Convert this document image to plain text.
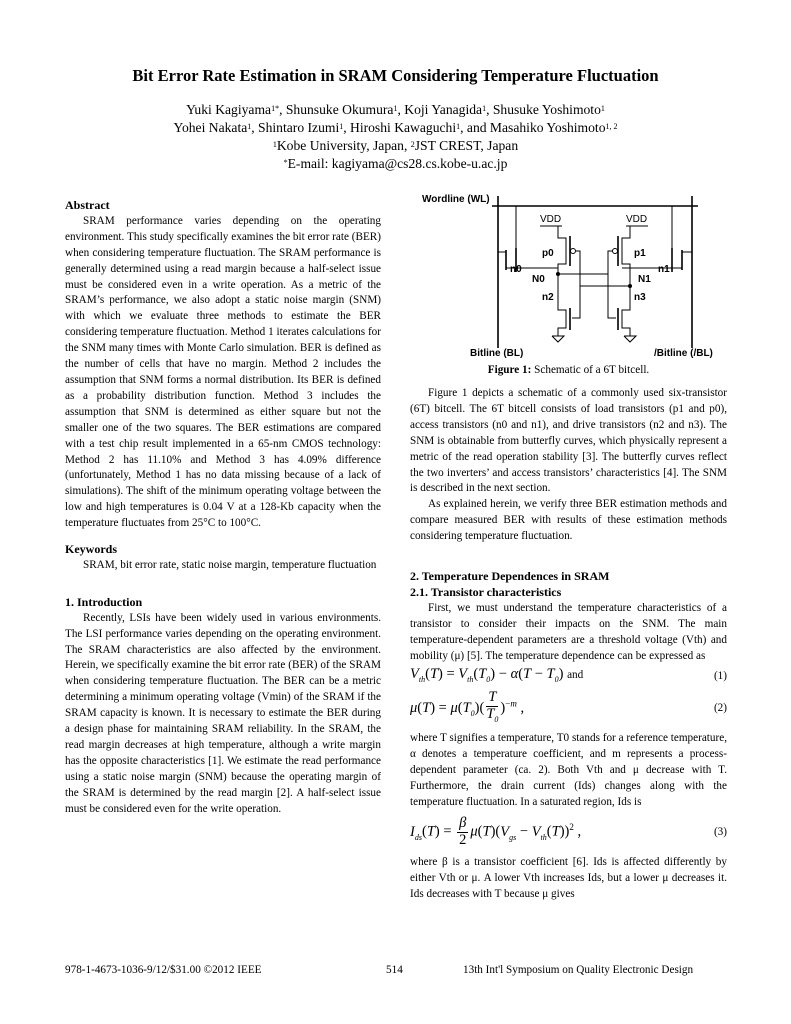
Bit Error Rate Estimation in SRAM Considering Temperature Fluctuation
Yuki Kagiyama$^{1*}$, Shunsuke Okumura$^1$, Koji Yanagida$^1$, Shusuke Yoshimoto$^1$
Yohei Nakata$^1$, Shintaro Izumi$^1$, Hiroshi Kawaguchi$^1$, and Masahiko Yoshimoto$^{1, 2}$
$^1$Kobe University, Japan, $^2$JST CREST, Japan
*E-mail: kagiyama@cs28.cs.kobe-u.ac.jp

Abstract

SRAM performance varies depending on the operating environment. This study specifically examines the bit error rate (BER) when considering temperature fluctuation. The SRAM performance is generally determined using a read margin because a half-select issue must be considered even in a write operation. As a metric of the SRAM’s performance, we also adopt a static noise margin (SNM) with which we evaluate three methods to estimate the BER considering temperature fluctuation. Method 1 iterates calculations for the SNM many times with Monte Carlo simulation. BER is defined as the number of cells that have no margin. Method 2 includes the assumption that SNM forms a normal distribution. Its BER is defined as a probability distribution function. Method 3 includes the assumption that SNM is determined as either square but not the smaller one of the two squares. The BER estimations are compared with a test chip result implemented in a 65-nm CMOS technology: Method 2 has 11.10% and Method 3 has 4.09% difference (unfortunately, Method 1 has no data missing because of a lack of simulations). The shift of the minimum operating voltage between the low and high temperatures is 0.04 V at a 128-Kb capacity when the temperature fluctuates from 25°C to 100°C.

Keywords

SRAM, bit error rate, static noise margin, temperature fluctuation

1. Introduction

Recently, LSIs have been widely used in various environments. The LSI performance varies depending on the operating environment. The SRAM characteristics are also affected by the environment. Herein, we specifically examine the bit error rate (BER) of the SRAM when considering temperature fluctuation. The BER can be a metric determining a minimum operating voltage (Vmin) of the SRAM if the SRAM capacity is known. It is necessary to estimate the BER during a design phase for maintaining SRAM reliability. In the SRAM, the read margin decreases at high temperature, although a write margin has the opposite characteristics [1]. We estimate the read performance using a static noise margin (SNM) because the operating margin of the SRAM is determined by the read margin [2]. A half-select issue must be considered even for the write operation.

Wordline (WL)
n0	n1
VDD	VDD
p0
n2
N0
p1
n3
N1
Bitline (BL)	/Bitline (/BL)
Figure 1: Schematic of a 6T bitcell.

Figure 1 depicts a schematic of a commonly used six-transistor (6T) bitcell. The 6T bitcell consists of load transistors (p1 and p0), access transistors (n0 and n1), and drive transistors (n2 and n3). The SNM is obtainable from butterfly curves, which physically represent a metric of the read operation stability [3]. The butterfly curves reflect the two inverters’ and access transistors’ characteristics [4]. The SNM is described in the next section.

As explained herein, we verify three BER estimation methods and compare measured BER with results of these estimation methods considering temperature fluctuation.

2. Temperature Dependences in SRAM

2.1. Transistor characteristics

First, we must understand the temperature characteristics of a transistor to consider their impacts on the SNM. The main temperature-dependent parameters are a threshold voltage (Vth) and mobility (μ) [5]. The temperature dependence can be expressed as

$V_{th}(T) = V_{th}(T_0) - \alpha(T - T_0)$ and	(1)
$\mu(T) = \mu(T_0)( \frac{T}{T_0} )^{-m}$ ,	(2)

where T signifies a temperature, T0 stands for a reference temperature, α denotes a temperature coefficient, and m represents a process-dependent parameter (ca. 2). Both Vth and μ decrease with T. Furthermore, the drain current (Ids) changes along with the temperature fluctuation. In a saturated region, Ids is

$I_{ds}(T) = \frac{\beta}{2} \mu(T)(V_{gs} - V_{th}(T))^2$ ,	(3)

where β is a transistor coefficient [6]. Ids is affected differently by either Vth or μ. A lower Vth increases Ids, but a lower μ decreases it. Ids decreases with T because μ gives

978-1-4673-1036-9/12/$31.00 ©2012 IEEE	514	13th Int'l Symposium on Quality Electronic Design
